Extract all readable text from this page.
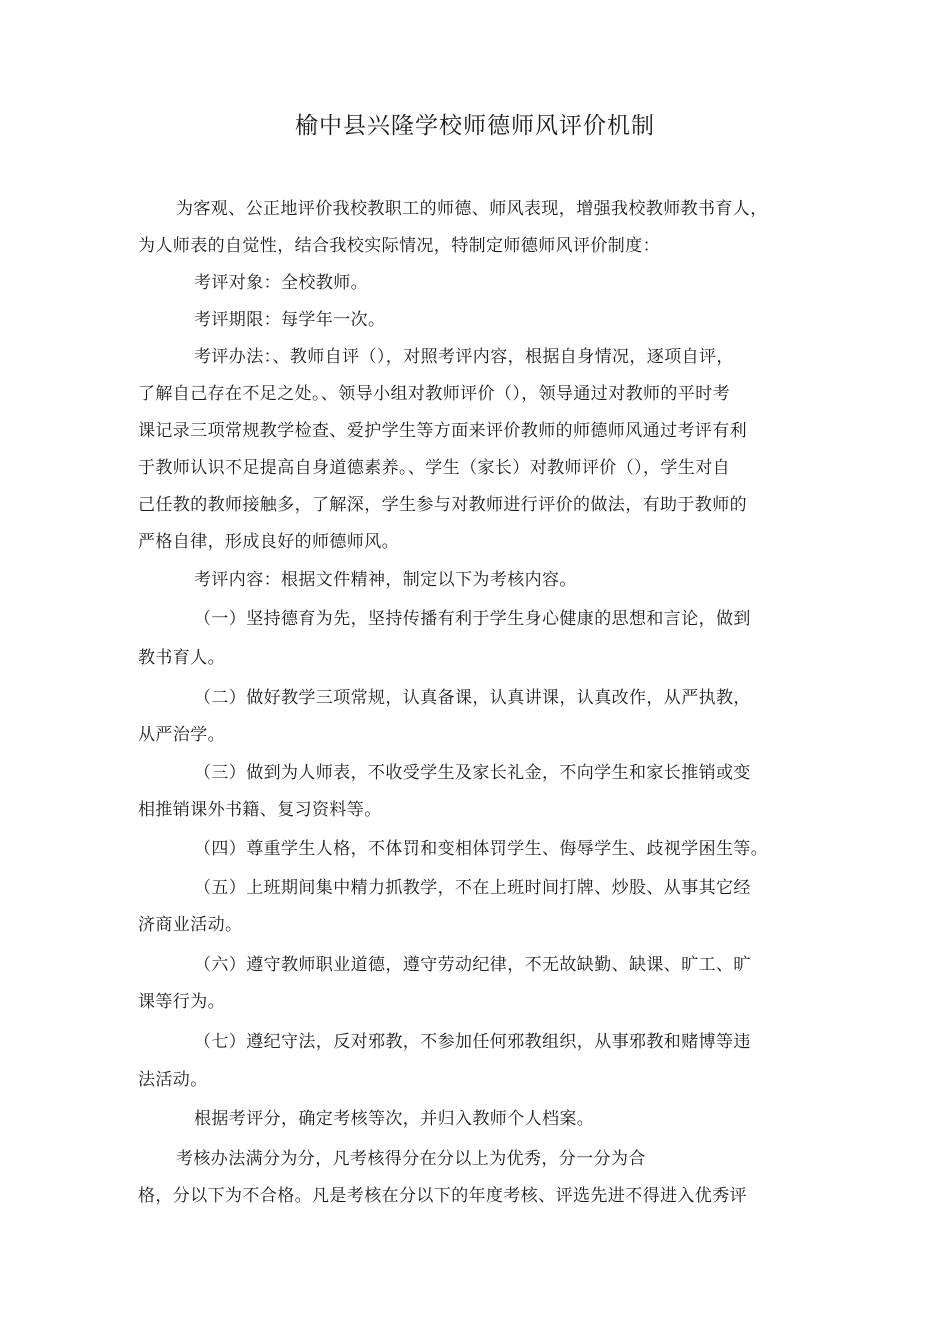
榆中县兴隆学校师德师风评价机制
为客观、公正地评价我校教职工的师德、师风表现，增强我校教师教书育人，
为人师表的自觉性，结合我校实际情况，特制定师德师风评价制度：
考评对象：全校教师。
考评期限：每学年一次。
考评办法：、教师自评（），对照考评内容，根据自身情况，逐项自评，
了解自己存在不足之处。、领导小组对教师评价（），领导通过对教师的平时考
课记录三项常规教学检查、爱护学生等方面来评价教师的师德师风通过考评有利
于教师认识不足提高自身道德素养。、学生（家长）对教师评价（），学生对自
己任教的教师接触多，了解深，学生参与对教师进行评价的做法，有助于教师的
严格自律，形成良好的师德师风。
考评内容：根据文件精神，制定以下为考核内容。
（一）坚持德育为先，坚持传播有利于学生身心健康的思想和言论，做到
教书育人。
（二）做好教学三项常规，认真备课，认真讲课，认真改作，从严执教，
从严治学。
（三）做到为人师表，不收受学生及家长礼金，不向学生和家长推销或变
相推销课外书籍、复习资料等。
（四）尊重学生人格，不体罚和变相体罚学生、侮辱学生、歧视学困生等。
（五）上班期间集中精力抓教学，不在上班时间打牌、炒股、从事其它经
济商业活动。
（六）遵守教师职业道德，遵守劳动纪律，不无故缺勤、缺课、旷工、旷
课等行为。
（七）遵纪守法，反对邪教，不参加任何邪教组织，从事邪教和赌博等违
法活动。
根据考评分，确定考核等次，并归入教师个人档案。
考核办法满分为分，凡考核得分在分以上为优秀，分一分为合
格，分以下为不合格。凡是考核在分以下的年度考核、评选先进不得进入优秀评
